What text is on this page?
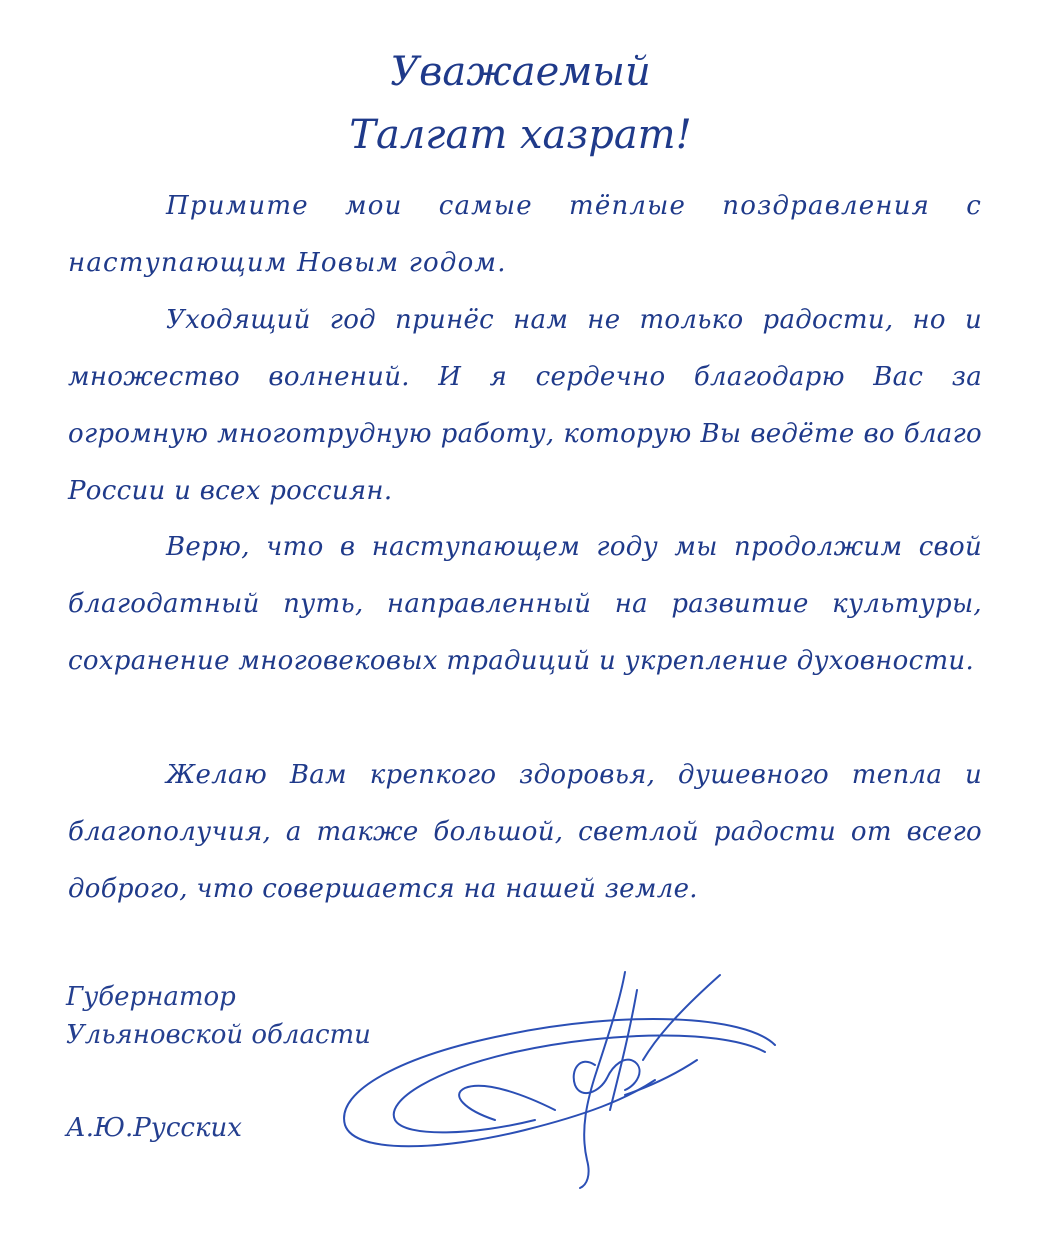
Уважаемый
Талгат хазрат!

Примите мои самые тёплые поздравления с наступающим Новым годом.

Уходящий год принёс нам не только радости, но и множество волнений. И я сердечно благодарю Вас за огромную многотрудную работу, которую Вы ведёте во благо России и всех россиян.

Верю, что в наступающем году мы продолжим свой благодатный путь, направленный на развитие культуры, сохранение многовековых традиций и укрепление духовности.

Желаю Вам крепкого здоровья, душевного тепла и благополучия, а также большой, светлой радости от всего доброго, что совершается на нашей земле.

Губернатор
Ульяновской области
А.Ю.Русских
